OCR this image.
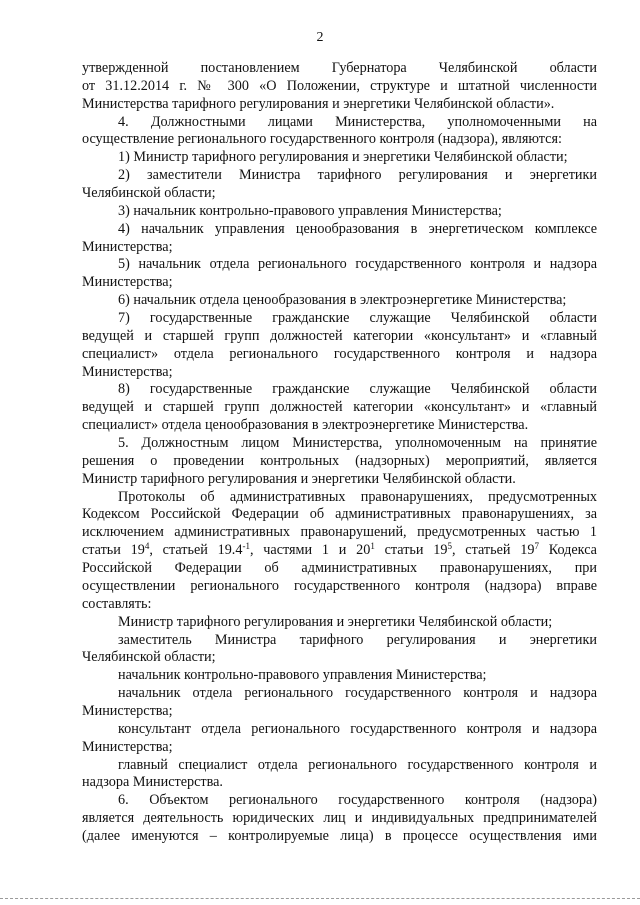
2
утвержденной постановлением Губернатора Челябинской области
от 31.12.2014 г. № 300 «О Положении, структуре и штатной численности
Министерства тарифного регулирования и энергетики Челябинской области».
4. Должностными лицами Министерства, уполномоченными на
осуществление регионального государственного контроля (надзора), являются:
1) Министр тарифного регулирования и энергетики Челябинской области;
2) заместители Министра тарифного регулирования и энергетики
Челябинской области;
3) начальник контрольно-правового управления Министерства;
4) начальник управления ценообразования в энергетическом комплексе
Министерства;
5) начальник отдела регионального государственного контроля и надзора
Министерства;
6) начальник отдела ценообразования в электроэнергетике Министерства;
7) государственные гражданские служащие Челябинской области
ведущей и старшей групп должностей категории «консультант» и «главный
специалист» отдела регионального государственного контроля и надзора
Министерства;
8) государственные гражданские служащие Челябинской области
ведущей и старшей групп должностей категории «консультант» и «главный
специалист» отдела ценообразования в электроэнергетике Министерства.
5. Должностным лицом Министерства, уполномоченным на принятие
решения о проведении контрольных (надзорных) мероприятий, является
Министр тарифного регулирования и энергетики Челябинской области.
Протоколы об административных правонарушениях, предусмотренных
Кодексом Российской Федерации об административных правонарушениях, за
исключением административных правонарушений, предусмотренных частью 1
статьи $19^4$, статьей $19.4^{-1}$, частями 1 и $20^1$ статьи $19^5$, статьей $19^7$ Кодекса
Российской Федерации об административных правонарушениях, при
осуществлении регионального государственного контроля (надзора) вправе
составлять:
Министр тарифного регулирования и энергетики Челябинской области;
заместитель Министра тарифного регулирования и энергетики
Челябинской области;
начальник контрольно-правового управления Министерства;
начальник отдела регионального государственного контроля и надзора
Министерства;
консультант отдела регионального государственного контроля и надзора
Министерства;
главный специалист отдела регионального государственного контроля и
надзора Министерства.
6. Объектом регионального государственного контроля (надзора)
является деятельность юридических лиц и индивидуальных предпринимателей
(далее именуются – контролируемые лица) в процессе осуществления ими
